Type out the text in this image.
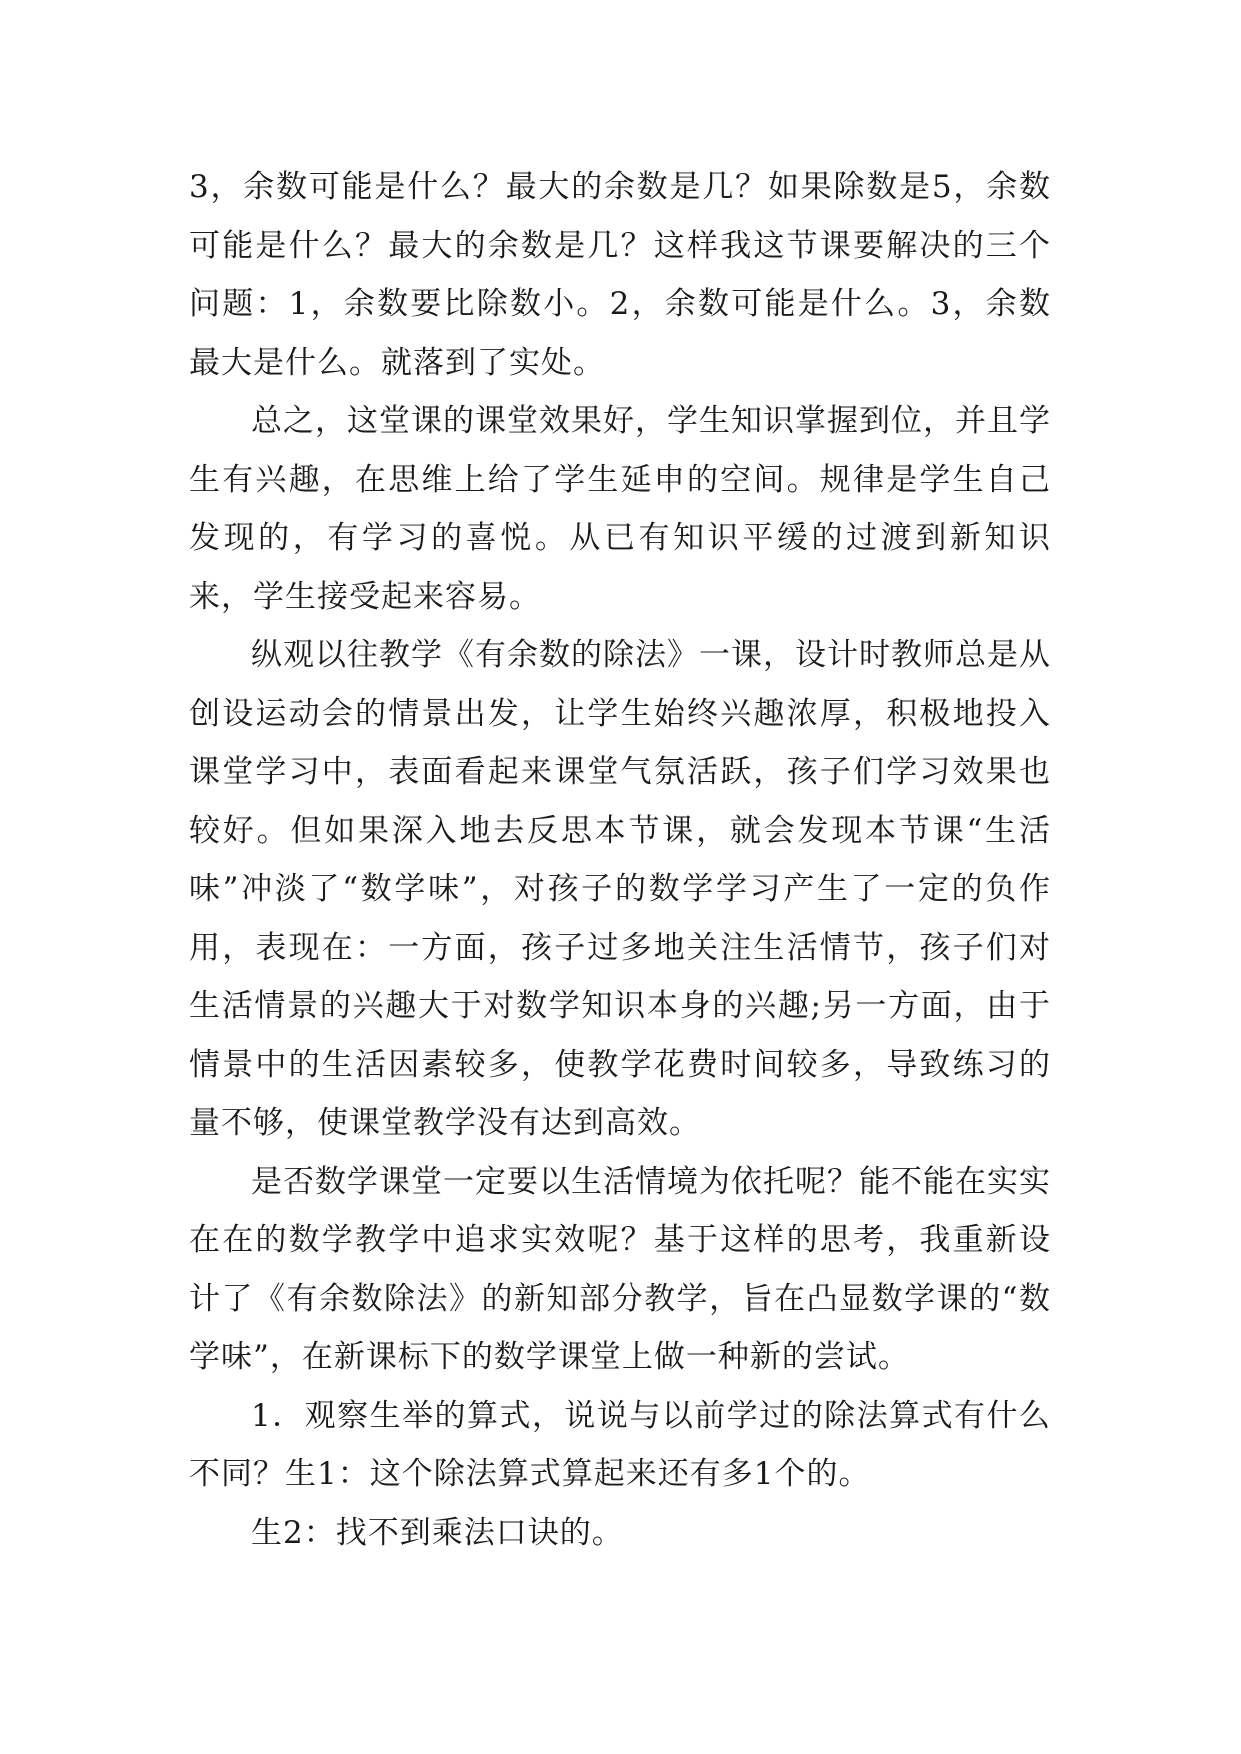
3，余数可能是什么？最大的余数是几？如果除数是5，余数可能是什么？最大的余数是几？这样我这节课要解决的三个问题：1，余数要比除数小。2，余数可能是什么。3，余数最大是什么。就落到了实处。

总之，这堂课的课堂效果好，学生知识掌握到位，并且学生有兴趣，在思维上给了学生延申的空间。规律是学生自己发现的，有学习的喜悦。从已有知识平缓的过渡到新知识来，学生接受起来容易。

纵观以往教学《有余数的除法》一课，设计时教师总是从创设运动会的情景出发，让学生始终兴趣浓厚，积极地投入课堂学习中，表面看起来课堂气氛活跃，孩子们学习效果也较好。但如果深入地去反思本节课，就会发现本节课“生活味”冲淡了“数学味”，对孩子的数学学习产生了一定的负作用，表现在：一方面，孩子过多地关注生活情节，孩子们对生活情景的兴趣大于对数学知识本身的兴趣;另一方面，由于情景中的生活因素较多，使教学花费时间较多，导致练习的量不够，使课堂教学没有达到高效。

是否数学课堂一定要以生活情境为依托呢？能不能在实实在在的数学教学中追求实效呢？基于这样的思考，我重新设计了《有余数除法》的新知部分教学，旨在凸显数学课的“数学味”，在新课标下的数学课堂上做一种新的尝试。

1．观察生举的算式，说说与以前学过的除法算式有什么不同？生1：这个除法算式算起来还有多1个的。

生2：找不到乘法口诀的。
